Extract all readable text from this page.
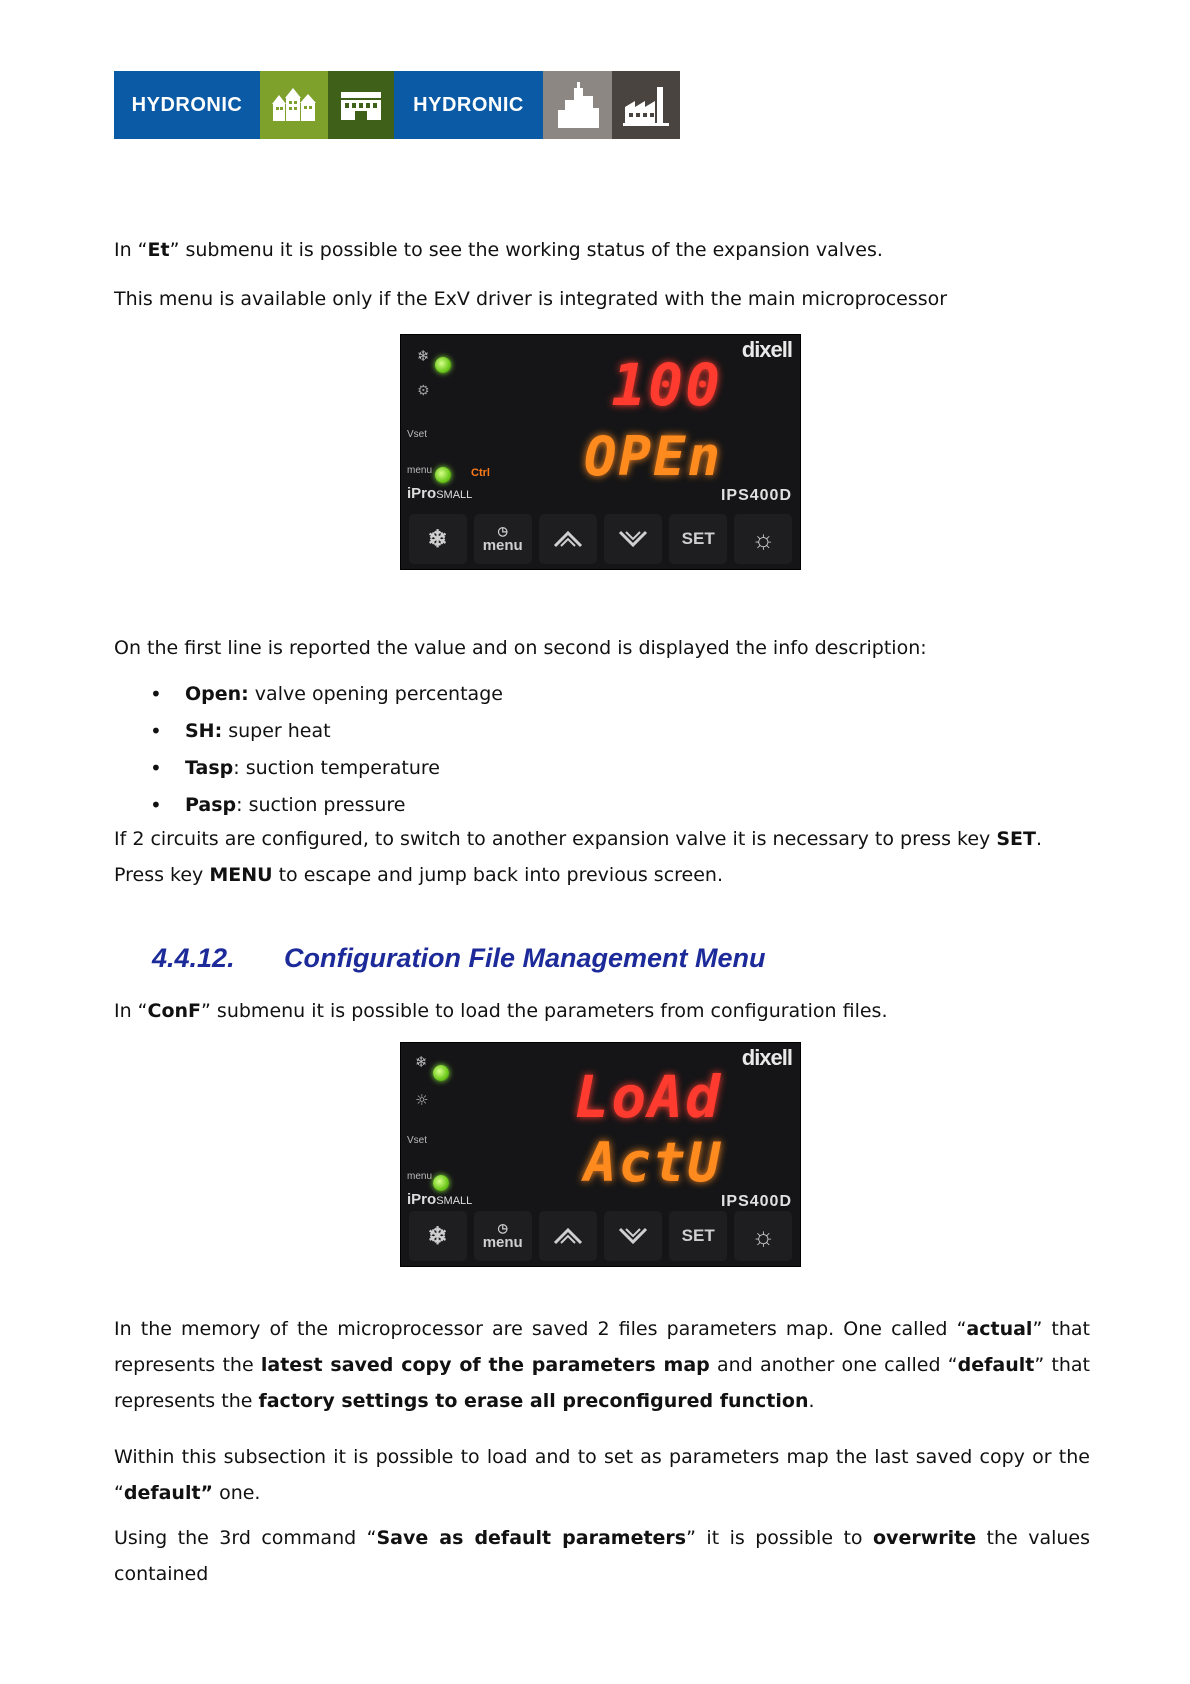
HYDRONIC	HYDRONIC
In “Et” submenu it is possible to see the working status of the expansion valves.
This menu is available only if the ExV driver is integrated with the main microprocessor
dixell
❄
⚙
Vset
menu	Ctrl
iProSMALL	IPS400D
100
OPEn
❄	◷
menu	SET	☼
On the first line is reported the value and on second is displayed the info description:
• Open: valve opening percentage
• SH: super heat
• Tasp: suction temperature
• Pasp: suction pressure
If 2 circuits are configured, to switch to another expansion valve it is necessary to press key SET.
Press key MENU to escape and jump back into previous screen.
4.4.12. Configuration File Management Menu
In “ConF” submenu it is possible to load the parameters from configuration files.
dixell
❄
☼
Vset
menu
iProSMALL	IPS400D
LoAd
ActU
❄	◷
menu	SET	☼
In the memory of the microprocessor are saved 2 files parameters map. One called “actual” that represents the latest saved copy of the parameters map and another one called “default” that represents the factory settings to erase all preconfigured function.
Within this subsection it is possible to load and to set as parameters map the last saved copy or the “default” one.
Using the 3rd command “Save as default parameters” it is possible to overwrite the values contained
